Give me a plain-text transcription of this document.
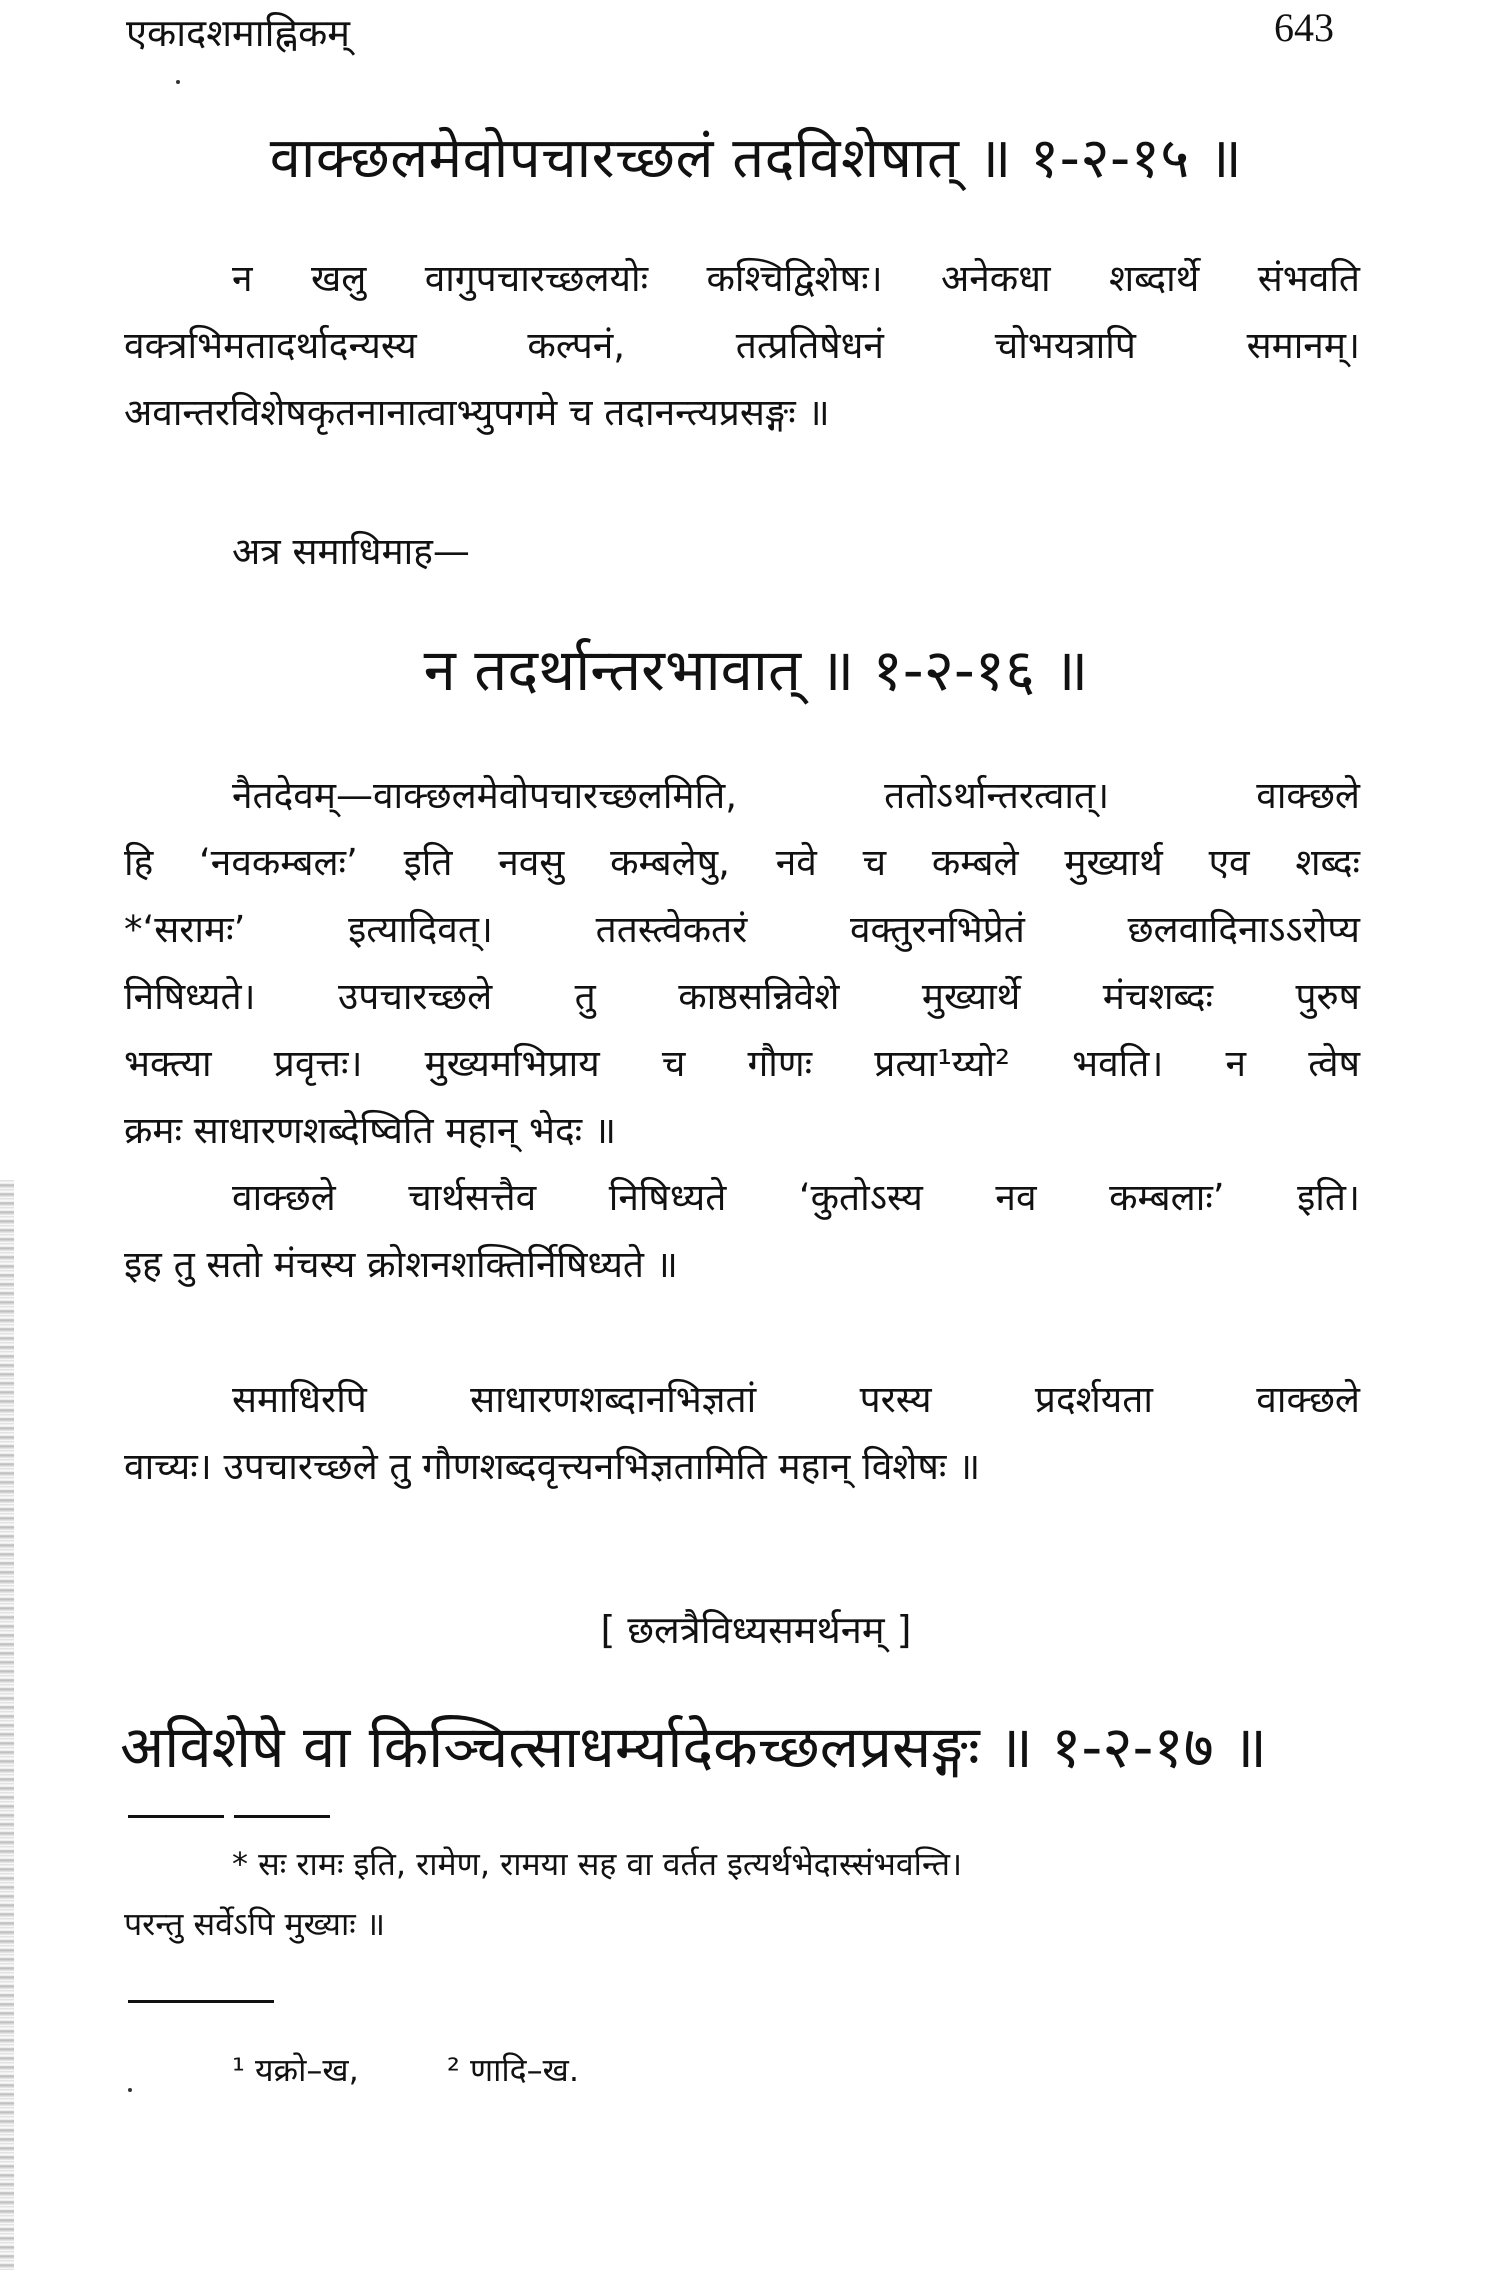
एकादशमाह्निकम्	643
वाक्छलमेवोपचारच्छलं तदविशेषात् ॥ १-२-१५ ॥
न खलु वागुपचारच्छलयोः कश्चिद्विशेषः। अनेकधा शब्दार्थे संभवति
वक्त्रभिमतादर्थादन्यस्य कल्पनं, तत्प्रतिषेधनं चोभयत्रापि समानम्।
अवान्तरविशेषकृतनानात्वाभ्युपगमे च तदानन्त्यप्रसङ्गः ॥
अत्र समाधिमाह—
न तदर्थान्तरभावात् ॥ १-२-१६ ॥
नैतदेवम्—वाक्छलमेवोपचारच्छलमिति, ततोऽर्थान्तरत्वात्। वाक्छले
हि ‘नवकम्बलः’ इति नवसु कम्बलेषु, नवे च कम्बले मुख्यार्थ एव शब्दः
*‘सरामः’ इत्यादिवत्। ततस्त्वेकतरं वक्तुरनभिप्रेतं छलवादिनाऽऽरोप्य
निषिध्यते। उपचारच्छले तु काष्ठसन्निवेशे मुख्यार्थे मंचशब्दः पुरुष
भक्त्या प्रवृत्तः। मुख्यमभिप्राय च गौणः प्रत्या¹य्यो² भवति। न त्वेष
क्रमः साधारणशब्देष्विति महान् भेदः ॥
वाक्छले चार्थसत्तैव निषिध्यते ‘कुतोऽस्य नव कम्बलाः’ इति।
इह तु सतो मंचस्य क्रोशनशक्तिर्निषिध्यते ॥
समाधिरपि साधारणशब्दानभिज्ञतां परस्य प्रदर्शयता वाक्छले
वाच्यः। उपचारच्छले तु गौणशब्दवृत्त्यनभिज्ञतामिति महान् विशेषः ॥
[ छलत्रैविध्यसमर्थनम् ]
अविशेषे वा किञ्चित्साधर्म्यादेकच्छलप्रसङ्गः ॥ १-२-१७ ॥
* सः रामः इति, रामेण, रामया सह वा वर्तत इत्यर्थभेदास्संभवन्ति।
परन्तु सर्वेऽपि मुख्याः ॥
¹ यक्रो–ख,	² णादि–ख.
